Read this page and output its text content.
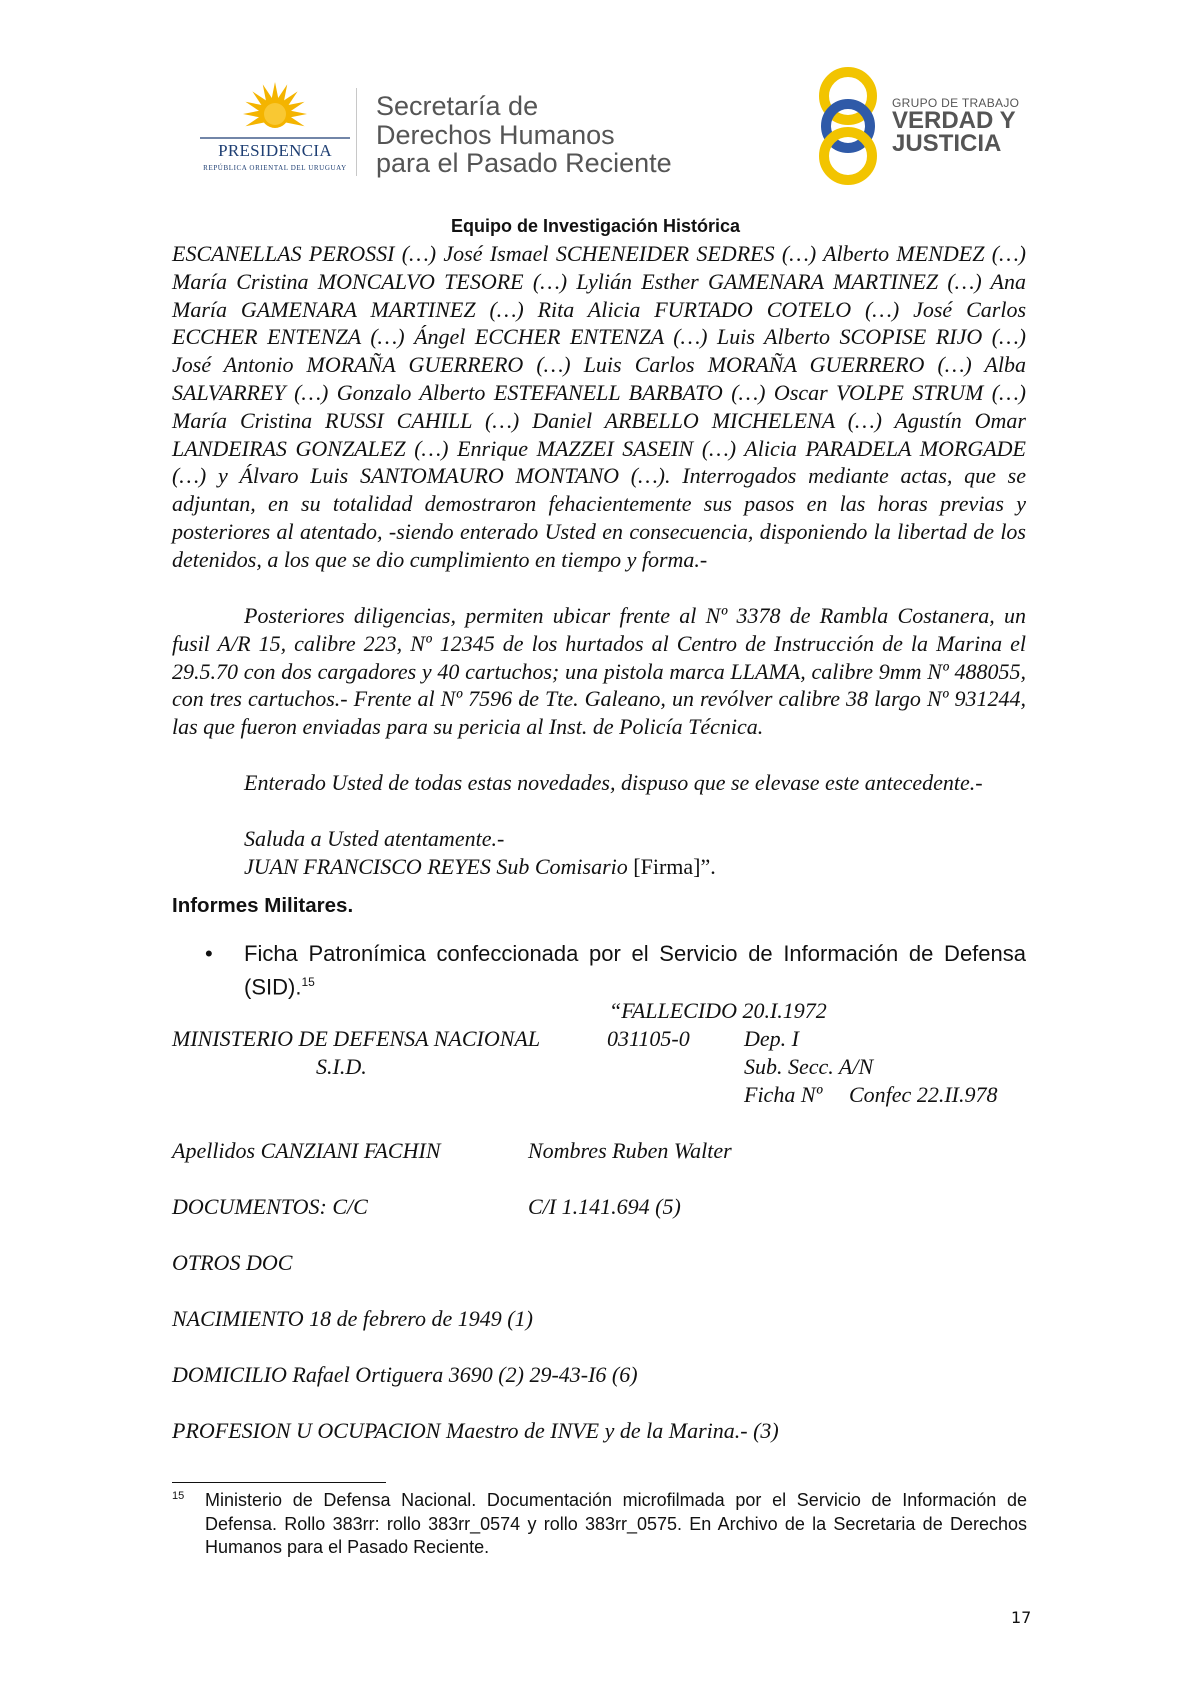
PRESIDENCIA
REPÚBLICA ORIENTAL DEL URUGUAY
Secretaría de
Derechos Humanos
para el Pasado Reciente
GRUPO DE TRABAJO
VERDAD Y
JUSTICIA
Equipo de Investigación Histórica
ESCANELLAS PEROSSI (…) José Ismael SCHENEIDER SEDRES (…) Alberto MENDEZ (…) María Cristina MONCALVO TESORE (…) Lylián Esther GAMENARA MARTINEZ (…) Ana María GAMENARA MARTINEZ (…) Rita Alicia FURTADO COTELO (…) José Carlos ECCHER ENTENZA (…) Ángel ECCHER ENTENZA (…) Luis Alberto SCOPISE RIJO (…) José Antonio MORAÑA GUERRERO (…) Luis Carlos MORAÑA GUERRERO (…) Alba SALVARREY (…) Gonzalo Alberto ESTEFANELL BARBATO (…) Oscar VOLPE STRUM (…) María Cristina RUSSI CAHILL (…) Daniel ARBELLO MICHELENA (…) Agustín Omar LANDEIRAS GONZALEZ (…) Enrique MAZZEI SASEIN (…) Alicia PARADELA MORGADE (…) y Álvaro Luis SANTOMAURO MONTANO (…). Interrogados mediante actas, que se adjuntan, en su totalidad demostraron fehacientemente sus pasos en las horas previas y posteriores al atentado, -siendo enterado Usted en consecuencia, disponiendo la libertad de los detenidos, a los que se dio cumplimiento en tiempo y forma.-
Posteriores diligencias, permiten ubicar frente al Nº 3378 de Rambla Costanera, un fusil A/R 15, calibre 223, Nº 12345 de los hurtados al Centro de Instrucción de la Marina el 29.5.70 con dos cargadores y 40 cartuchos; una pistola marca LLAMA, calibre 9mm Nº 488055, con tres cartuchos.- Frente al Nº 7596 de Tte. Galeano, un revólver calibre 38 largo Nº 931244, las que fueron enviadas para su pericia al Inst. de Policía Técnica.
Enterado Usted de todas estas novedades, dispuso que se elevase este antecedente.-
Saluda a Usted atentamente.-
JUAN FRANCISCO REYES Sub Comisario [Firma]”.
Informes Militares.
• Ficha Patronímica confeccionada por el Servicio de Información de Defensa (SID).$^{15}$
“FALLECIDO 20.I.1972
MINISTERIO DE DEFENSA NACIONAL	031105-0 Dep. I
S.I.D.	Sub. Secc. A/N
Ficha Nº Confec 22.II.978
Apellidos CANZIANI FACHIN	Nombres Ruben Walter
DOCUMENTOS: C/C	C/I 1.141.694 (5)
OTROS DOC
NACIMIENTO 18 de febrero de 1949 (1)
DOMICILIO Rafael Ortiguera 3690 (2) 29-43-I6 (6)
PROFESION U OCUPACION Maestro de INVE y de la Marina.- (3)
15 Ministerio de Defensa Nacional. Documentación microfilmada por el Servicio de Información de Defensa. Rollo 383rr: rollo 383rr_0574 y rollo 383rr_0575. En Archivo de la Secretaria de Derechos Humanos para el Pasado Reciente.
17
